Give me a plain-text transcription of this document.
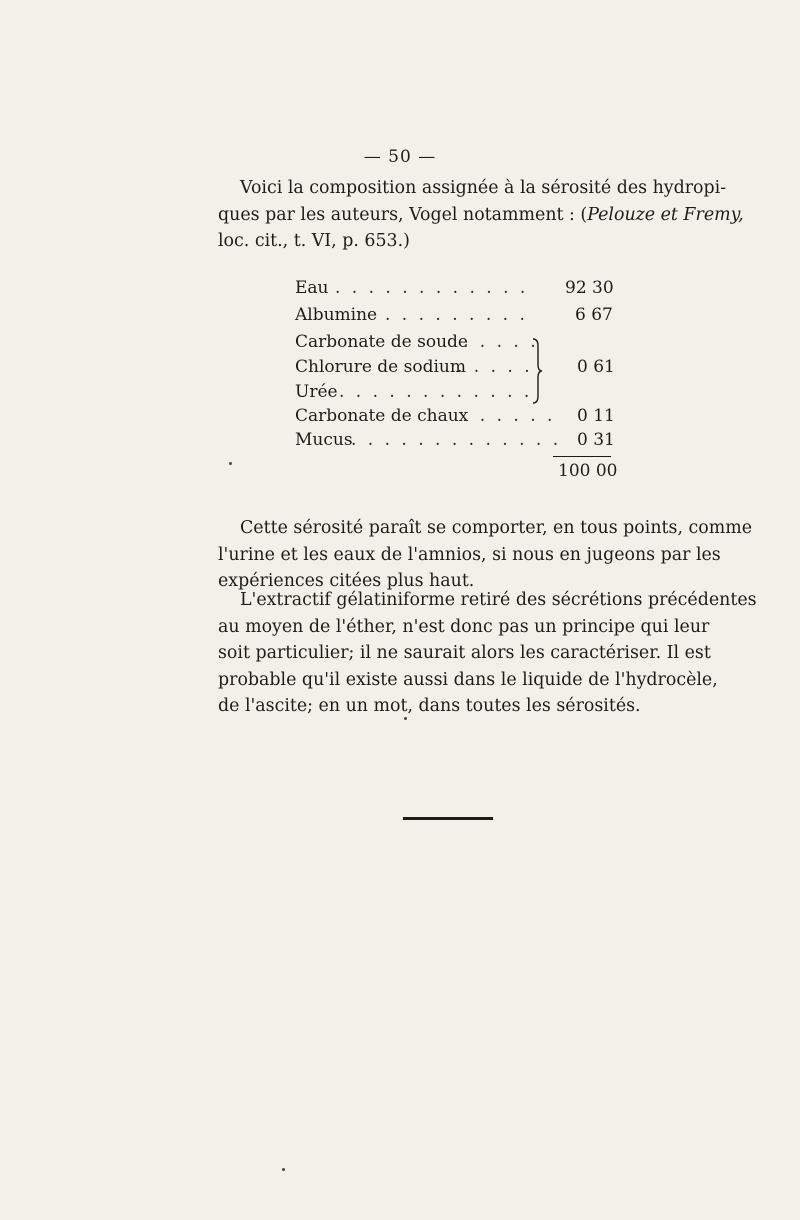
— 50 —
Voici la composition assignée à la sérosité des hydropi-
ques par les auteurs, Vogel notamment : (Pelouze et Fremy,
loc. cit., t. VI, p. 653.)
Eau . . . . . . . . . . . . 92 30
Albumine . . . . . . . . .	6 67
Carbonate de soude
. . . . .
Chlorure de sodium
. . . . .	0 61
Urée . . . . . . . . . . . .
Carbonate de chaux
. . . . . . 0 11
Mucus
. . . . . . . . . . . . . 0 31
100 00
Cette sérosité paraît se comporter, en tous points, comme
l'urine et les eaux de l'amnios, si nous en jugeons par les
expériences citées plus haut.
L'extractif gélatiniforme retiré des sécrétions précédentes
au moyen de l'éther, n'est donc pas un principe qui leur
soit particulier; il ne saurait alors les caractériser. Il est
probable qu'il existe aussi dans le liquide de l'hydrocèle,
de l'ascite; en un mot, dans toutes les sérosités.
